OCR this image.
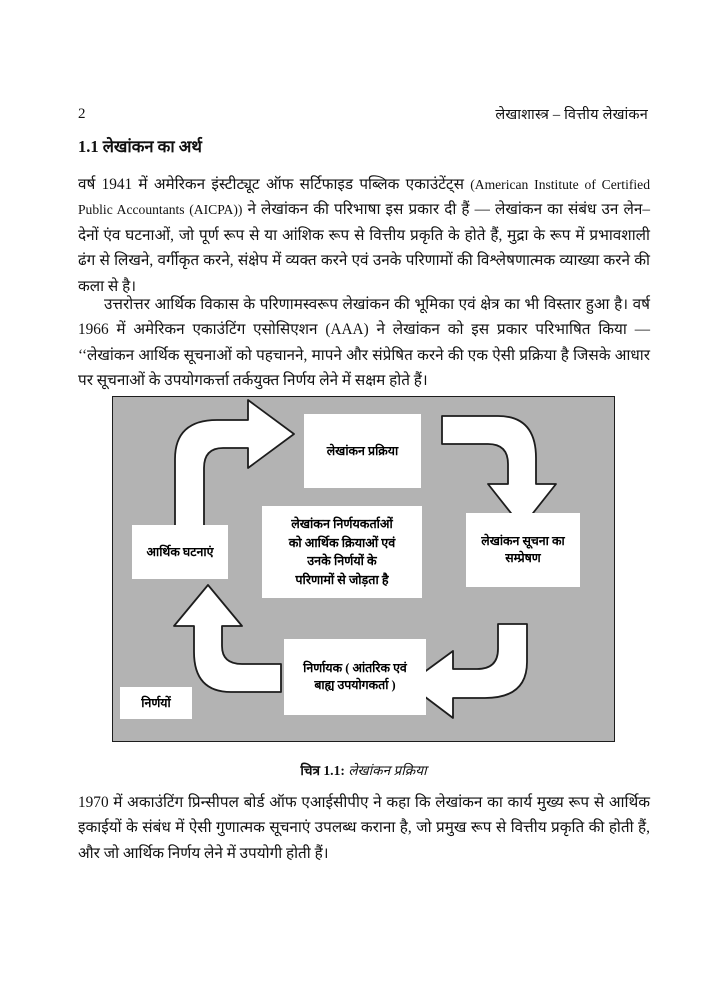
2	लेखाशास्त्र – वित्तीय लेखांकन
1.1 लेखांकन का अर्थ
वर्ष 1941 में अमेरिकन इंस्टीट्यूट ऑफ सर्टिफाइड पब्लिक एकाउंटेंट्स (American Institute of Certified Public Accountants (AICPA)) ने लेखांकन की परिभाषा इस प्रकार दी हैं — लेखांकन का संबंध उन लेन–देनों एंव घटनाओं, जो पूर्ण रूप से या आंशिक रूप से वित्तीय प्रकृति के होते हैं, मुद्रा के रूप में प्रभावशाली ढंग से लिखने, वर्गीकृत करने, संक्षेप में व्यक्त करने एवं उनके परिणामों की विश्लेषणात्मक व्याख्या करने की कला से है।
उत्तरोत्तर आर्थिक विकास के परिणामस्वरूप लेखांकन की भूमिका एवं क्षेत्र का भी विस्तार हुआ है। वर्ष 1966 में अमेरिकन एकाउंटिंग एसोसिएशन (AAA) ने लेखांकन को इस प्रकार परिभाषित किया — ‘‘लेखांकन आर्थिक सूचनाओं को पहचानने, मापने और संप्रेषित करने की एक ऐसी प्रक्रिया है जिसके आधार पर सूचनाओं के उपयोगकर्त्ता तर्कयुक्त निर्णय लेने में सक्षम होते हैं।
लेखांकन प्रक्रिया
लेखांकन सूचना का
सम्प्रेषण
निर्णायक ( आंतरिक एवं
बाह्य उपयोगकर्ता )
आर्थिक घटनाएं
लेखांकन निर्णयकर्ताओं
को आर्थिक क्रियाओं एवं
उनके निर्णयों के
परिणामों से जोड़ता है
निर्णयों
चित्र 1.1: लेखांकन प्रक्रिया
1970 में अकाउंटिंग प्रिन्सीपल बोर्ड ऑफ एआईसीपीए ने कहा कि लेखांकन का कार्य मुख्य रूप से आर्थिक इकाईयों के संबंध में ऐसी गुणात्मक सूचनाएं उपलब्ध कराना है, जो प्रमुख रूप से वित्तीय प्रकृति की होती हैं, और जो आर्थिक निर्णय लेने में उपयोगी होती हैं।
